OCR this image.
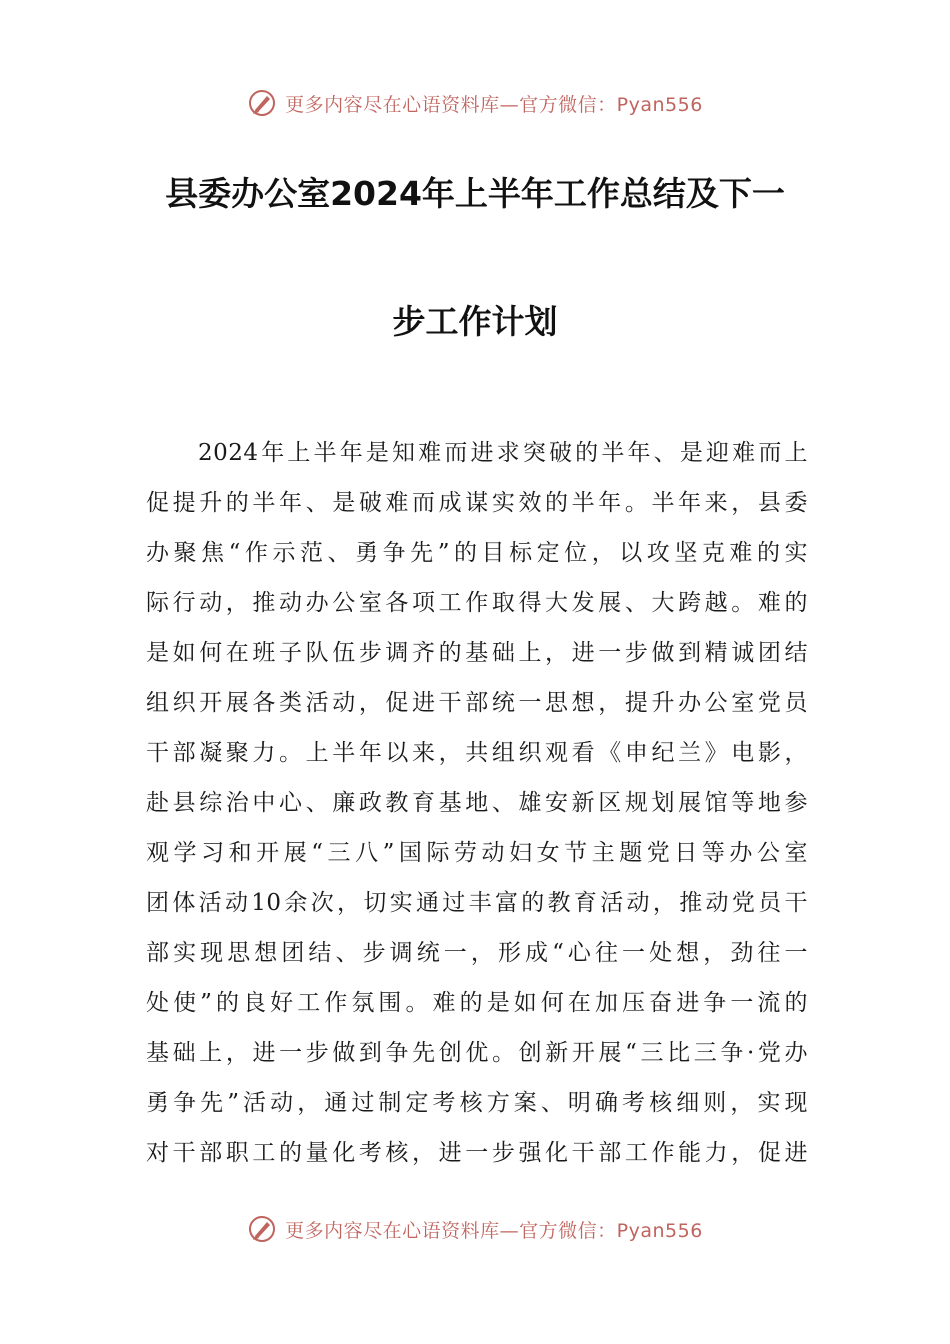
更多内容尽在心语资料库—官方微信：Pyan556
县委办公室2024年上半年工作总结及下一
步工作计划
2024年上半年是知难而进求突破的半年、是迎难而上
促提升的半年、是破难而成谋实效的半年。半年来，县委
办聚焦“作示范、勇争先”的目标定位，以攻坚克难的实
际行动，推动办公室各项工作取得大发展、大跨越。难的
是如何在班子队伍步调齐的基础上，进一步做到精诚团结
组织开展各类活动，促进干部统一思想，提升办公室党员
干部凝聚力。上半年以来，共组织观看《申纪兰》电影，
赴县综治中心、廉政教育基地、雄安新区规划展馆等地参
观学习和开展“三八”国际劳动妇女节主题党日等办公室
团体活动10余次，切实通过丰富的教育活动，推动党员干
部实现思想团结、步调统一，形成“心往一处想，劲往一
处使”的良好工作氛围。难的是如何在加压奋进争一流的
基础上，进一步做到争先创优。创新开展“三比三争·党办
勇争先”活动，通过制定考核方案、明确考核细则，实现
对干部职工的量化考核，进一步强化干部工作能力，促进
更多内容尽在心语资料库—官方微信：Pyan556
